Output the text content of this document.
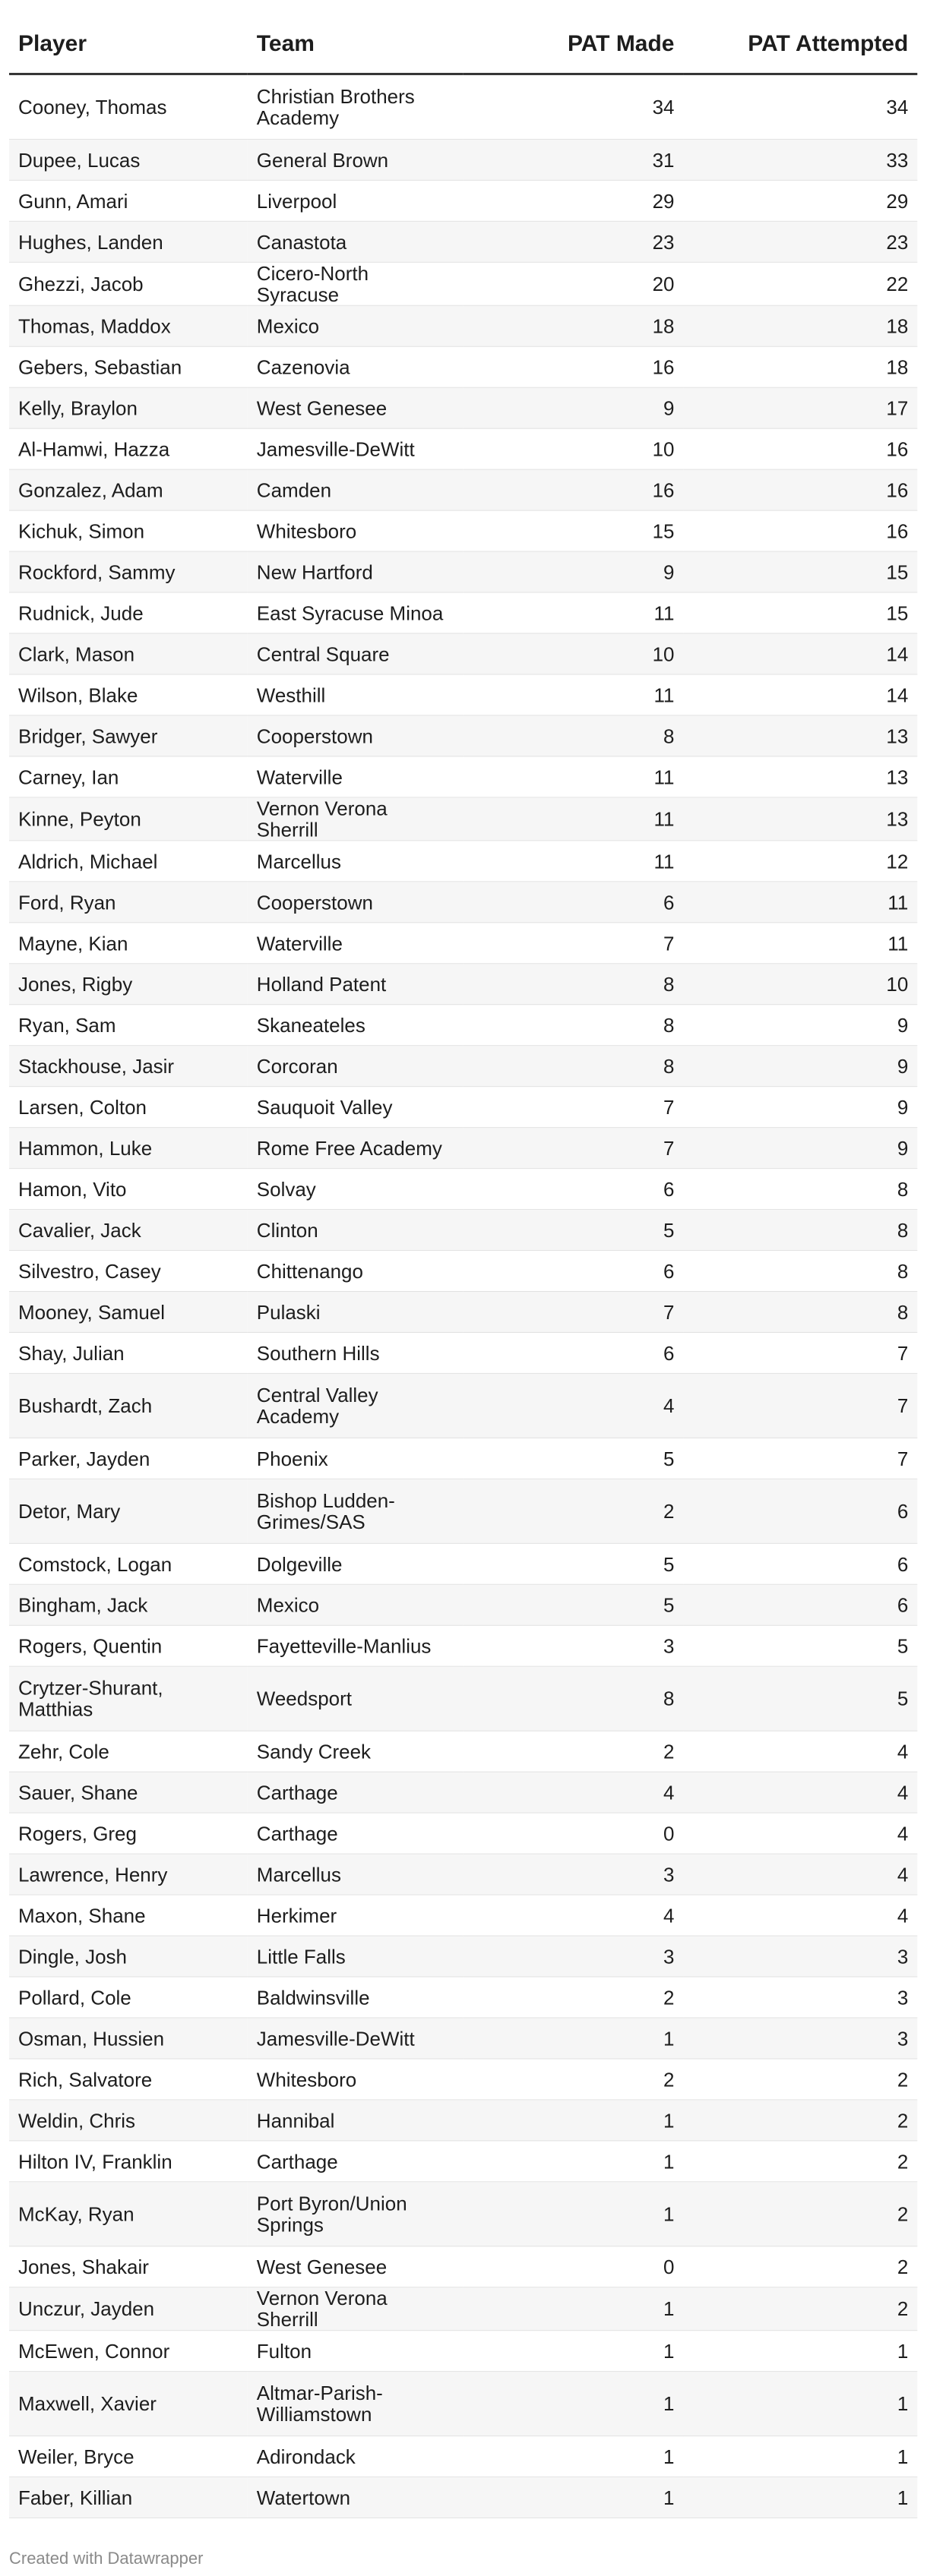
Player	Team	PAT Made	PAT Attempted
Cooney, Thomas	Christian Brothers Academy	34	34
Dupee, Lucas	General Brown	31	33
Gunn, Amari	Liverpool	29	29
Hughes, Landen	Canastota	23	23
Ghezzi, Jacob	Cicero-North Syracuse	20	22
Thomas, Maddox	Mexico	18	18
Gebers, Sebastian	Cazenovia	16	18
Kelly, Braylon	West Genesee	9	17
Al-Hamwi, Hazza	Jamesville-DeWitt	10	16
Gonzalez, Adam	Camden	16	16
Kichuk, Simon	Whitesboro	15	16
Rockford, Sammy	New Hartford	9	15
Rudnick, Jude	East Syracuse Minoa	11	15
Clark, Mason	Central Square	10	14
Wilson, Blake	Westhill	11	14
Bridger, Sawyer	Cooperstown	8	13
Carney, Ian	Waterville	11	13
Kinne, Peyton	Vernon Verona Sherrill	11	13
Aldrich, Michael	Marcellus	11	12
Ford, Ryan	Cooperstown	6	11
Mayne, Kian	Waterville	7	11
Jones, Rigby	Holland Patent	8	10
Ryan, Sam	Skaneateles	8	9
Stackhouse, Jasir	Corcoran	8	9
Larsen, Colton	Sauquoit Valley	7	9
Hammon, Luke	Rome Free Academy	7	9
Hamon, Vito	Solvay	6	8
Cavalier, Jack	Clinton	5	8
Silvestro, Casey	Chittenango	6	8
Mooney, Samuel	Pulaski	7	8
Shay, Julian	Southern Hills	6	7
Bushardt, Zach	Central Valley Academy	4	7
Parker, Jayden	Phoenix	5	7
Detor, Mary	Bishop Ludden-Grimes/SAS	2	6
Comstock, Logan	Dolgeville	5	6
Bingham, Jack	Mexico	5	6
Rogers, Quentin	Fayetteville-Manlius	3	5
Crytzer-Shurant, Matthias	Weedsport	8	5
Zehr, Cole	Sandy Creek	2	4
Sauer, Shane	Carthage	4	4
Rogers, Greg	Carthage	0	4
Lawrence, Henry	Marcellus	3	4
Maxon, Shane	Herkimer	4	4
Dingle, Josh	Little Falls	3	3
Pollard, Cole	Baldwinsville	2	3
Osman, Hussien	Jamesville-DeWitt	1	3
Rich, Salvatore	Whitesboro	2	2
Weldin, Chris	Hannibal	1	2
Hilton IV, Franklin	Carthage	1	2
McKay, Ryan	Port Byron/Union Springs	1	2
Jones, Shakair	West Genesee	0	2
Unczur, Jayden	Vernon Verona Sherrill	1	2
McEwen, Connor	Fulton	1	1
Maxwell, Xavier	Altmar-Parish-Williamstown	1	1
Weiler, Bryce	Adirondack	1	1
Faber, Killian	Watertown	1	1
Created with Datawrapper
